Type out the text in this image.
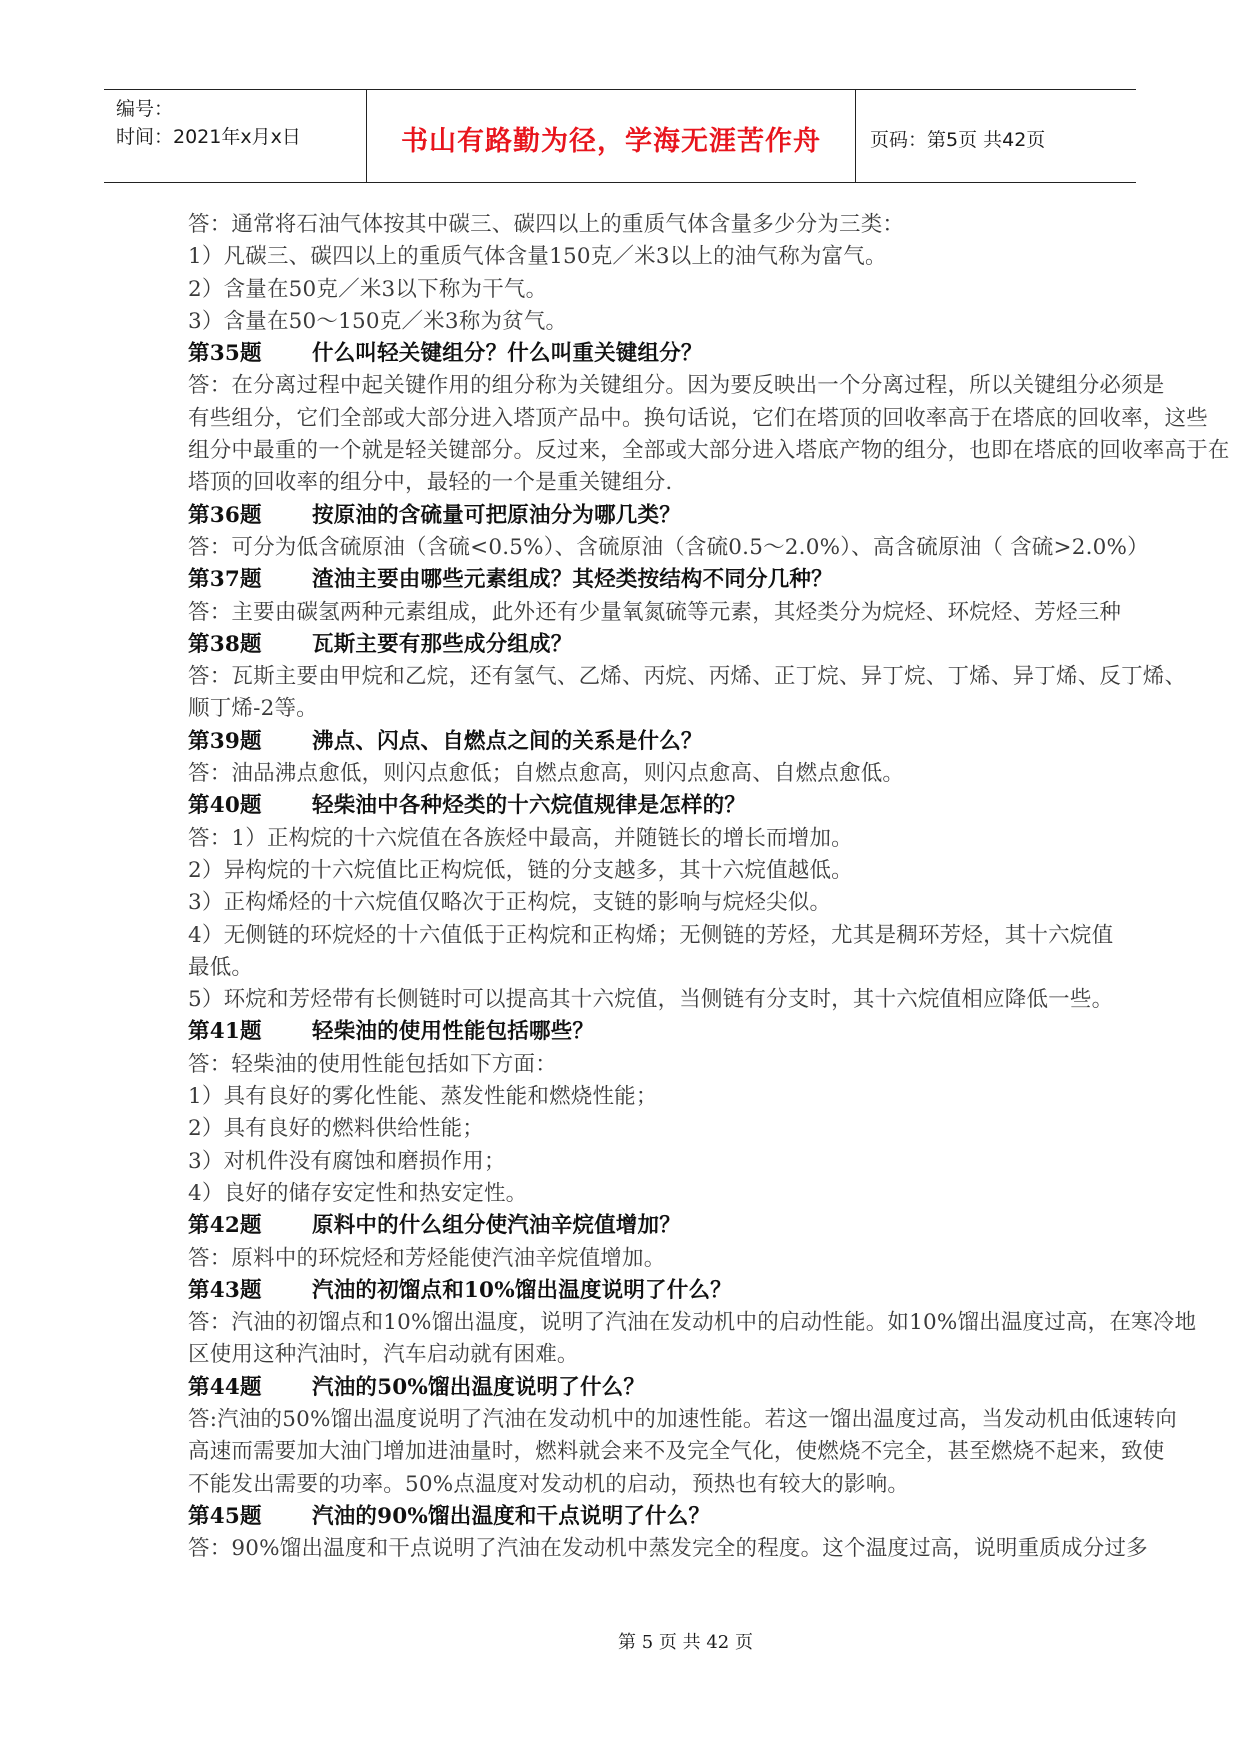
编号：
时间：2021年x月x日	书山有路勤为径，学海无涯苦作舟	页码：第5页 共42页
答：通常将石油气体按其中碳三、碳四以上的重质气体含量多少分为三类：
1）凡碳三、碳四以上的重质气体含量150克／米3以上的油气称为富气。
2）含量在50克／米3以下称为干气。
3）含量在50～150克／米3称为贫气。
第35题 什么叫轻关键组分？什么叫重关键组分？
答：在分离过程中起关键作用的组分称为关键组分。因为要反映出一个分离过程，所以关键组分必须是
有些组分，它们全部或大部分进入塔顶产品中。换句话说，它们在塔顶的回收率高于在塔底的回收率，这些
组分中最重的一个就是轻关键部分。反过来，全部或大部分进入塔底产物的组分，也即在塔底的回收率高于在
塔顶的回收率的组分中，最轻的一个是重关键组分.
第36题 按原油的含硫量可把原油分为哪几类？
答：可分为低含硫原油（含硫<0.5%）、含硫原油（含硫0.5～2.0%）、高含硫原油（ 含硫>2.0%）
第37题 渣油主要由哪些元素组成？其烃类按结构不同分几种？
答：主要由碳氢两种元素组成，此外还有少量氧氮硫等元素，其烃类分为烷烃、环烷烃、芳烃三种
第38题 瓦斯主要有那些成分组成？
答：瓦斯主要由甲烷和乙烷，还有氢气、乙烯、丙烷、丙烯、正丁烷、异丁烷、丁烯、异丁烯、反丁烯、
顺丁烯-2等。
第39题 沸点、闪点、自燃点之间的关系是什么？
答：油品沸点愈低，则闪点愈低；自燃点愈高，则闪点愈高、自燃点愈低。
第40题 轻柴油中各种烃类的十六烷值规律是怎样的？
答：1）正构烷的十六烷值在各族烃中最高，并随链长的增长而增加。
2）异构烷的十六烷值比正构烷低，链的分支越多，其十六烷值越低。
3）正构烯烃的十六烷值仅略次于正构烷，支链的影响与烷烃尖似。
4）无侧链的环烷烃的十六值低于正构烷和正构烯；无侧链的芳烃，尤其是稠环芳烃，其十六烷值
最低。
5）环烷和芳烃带有长侧链时可以提高其十六烷值，当侧链有分支时，其十六烷值相应降低一些。
第41题 轻柴油的使用性能包括哪些？
答：轻柴油的使用性能包括如下方面：
1）具有良好的雾化性能、蒸发性能和燃烧性能；
2）具有良好的燃料供给性能；
3）对机件没有腐蚀和磨损作用；
4）良好的储存安定性和热安定性。
第42题 原料中的什么组分使汽油辛烷值增加？
答：原料中的环烷烃和芳烃能使汽油辛烷值增加。
第43题 汽油的初馏点和10%馏出温度说明了什么？
答：汽油的初馏点和10%馏出温度，说明了汽油在发动机中的启动性能。如10%馏出温度过高，在寒冷地
区使用这种汽油时，汽车启动就有困难。
第44题 汽油的50%馏出温度说明了什么？
答:汽油的50%馏出温度说明了汽油在发动机中的加速性能。若这一馏出温度过高，当发动机由低速转向
高速而需要加大油门增加进油量时，燃料就会来不及完全气化，使燃烧不完全，甚至燃烧不起来，致使
不能发出需要的功率。50%点温度对发动机的启动，预热也有较大的影响。
第45题 汽油的90%馏出温度和干点说明了什么？
答：90%馏出温度和干点说明了汽油在发动机中蒸发完全的程度。这个温度过高，说明重质成分过多
第 5 页 共 42 页
